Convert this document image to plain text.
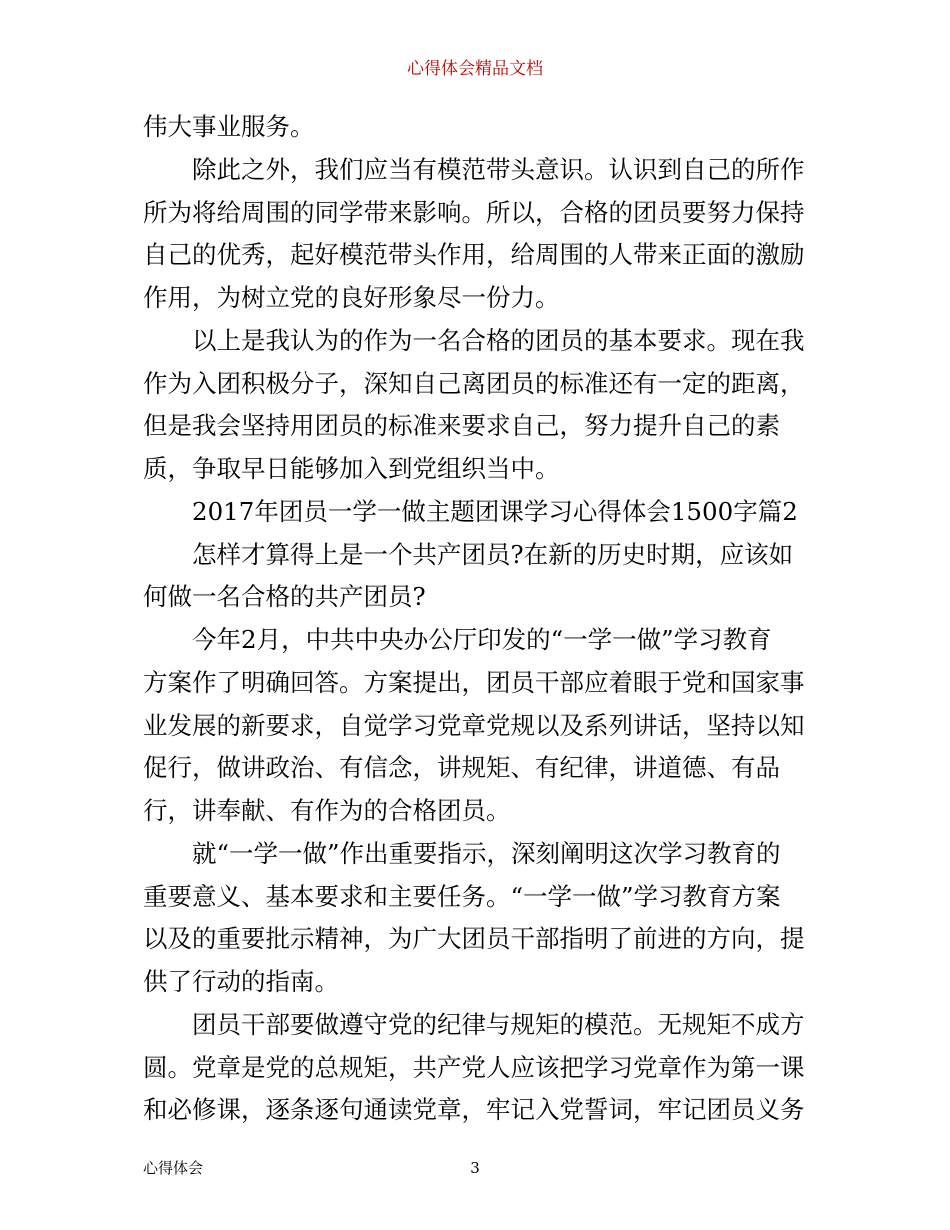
心得体会精品文档
伟大事业服务。
除此之外，我们应当有模范带头意识。认识到自己的所作
所为将给周围的同学带来影响。所以，合格的团员要努力保持
自己的优秀，起好模范带头作用，给周围的人带来正面的激励
作用，为树立党的良好形象尽一份力。
以上是我认为的作为一名合格的团员的基本要求。现在我
作为入团积极分子，深知自己离团员的标准还有一定的距离，
但是我会坚持用团员的标准来要求自己，努力提升自己的素
质，争取早日能够加入到党组织当中。
2017年团员一学一做主题团课学习心得体会1500字篇2
怎样才算得上是一个共产团员?在新的历史时期，应该如
何做一名合格的共产团员?
今年2月，中共中央办公厅印发的“一学一做”学习教育
方案作了明确回答。方案提出，团员干部应着眼于党和国家事
业发展的新要求，自觉学习党章党规以及系列讲话，坚持以知
促行，做讲政治、有信念，讲规矩、有纪律，讲道德、有品
行，讲奉献、有作为的合格团员。
就“一学一做”作出重要指示，深刻阐明这次学习教育的
重要意义、基本要求和主要任务。“一学一做”学习教育方案
以及的重要批示精神，为广大团员干部指明了前进的方向，提
供了行动的指南。
团员干部要做遵守党的纪律与规矩的模范。无规矩不成方
圆。党章是党的总规矩，共产党人应该把学习党章作为第一课
和必修课，逐条逐句通读党章，牢记入党誓词，牢记团员义务
心得体会	3
